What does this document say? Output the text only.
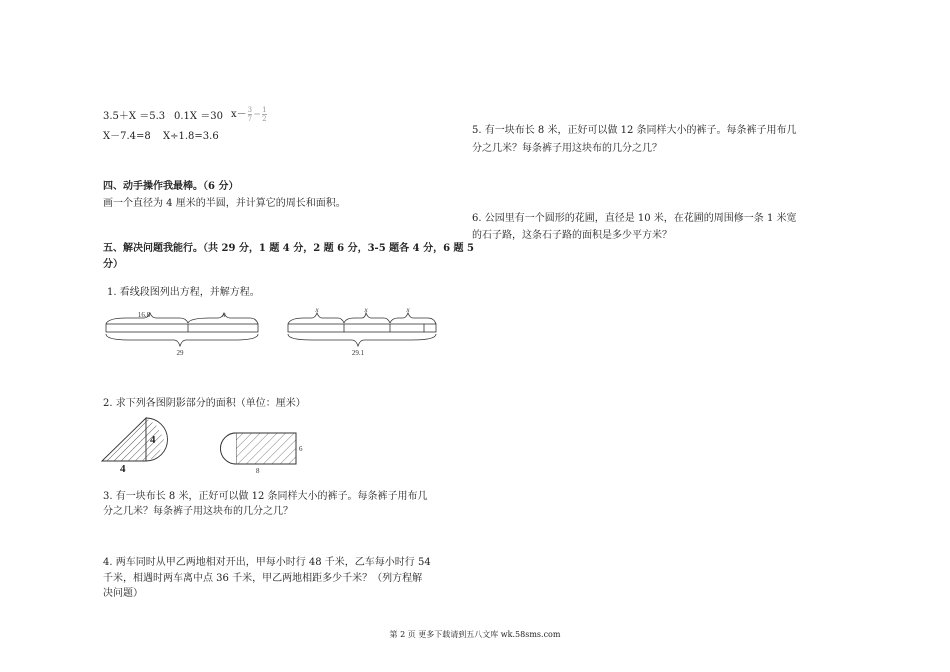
3.5＋X ＝5.3 0.1X ＝30 $x- \frac{3}{7} = \frac{1}{2}$
X－7.4=8 X÷1.8=3.6
四、动手操作我最棒。（6 分）
画一个直径为 4 厘米的半圆，并计算它的周长和面积。
五、解决问题我能行。（共 29 分，1 题 4 分，2 题 6 分，3-5 题各 4 分，6 题 5
分）
1. 看线段图列出方程，并解方程。
16.8	x
29
x	x	x
29.1
2. 求下列各图阴影部分的面积（单位：厘米）
4
4
6
8
3. 有一块布长 8 米，正好可以做 12 条同样大小的裤子。每条裤子用布几
分之几米？每条裤子用这块布的几分之几？
4. 两车同时从甲乙两地相对开出，甲每小时行 48 千米，乙车每小时行 54
千米，相遇时两车离中点 36 千米，甲乙两地相距多少千米？（列方程解
决问题）
5. 有一块布长 8 米，正好可以做 12 条同样大小的裤子。每条裤子用布几
分之几米？每条裤子用这块布的几分之几？
6. 公园里有一个圆形的花圃，直径是 10 米，在花圃的周围修一条 1 米宽
的石子路，这条石子路的面积是多少平方米？
第 2 页 更多下载请到五八文库 wk.58sms.com
